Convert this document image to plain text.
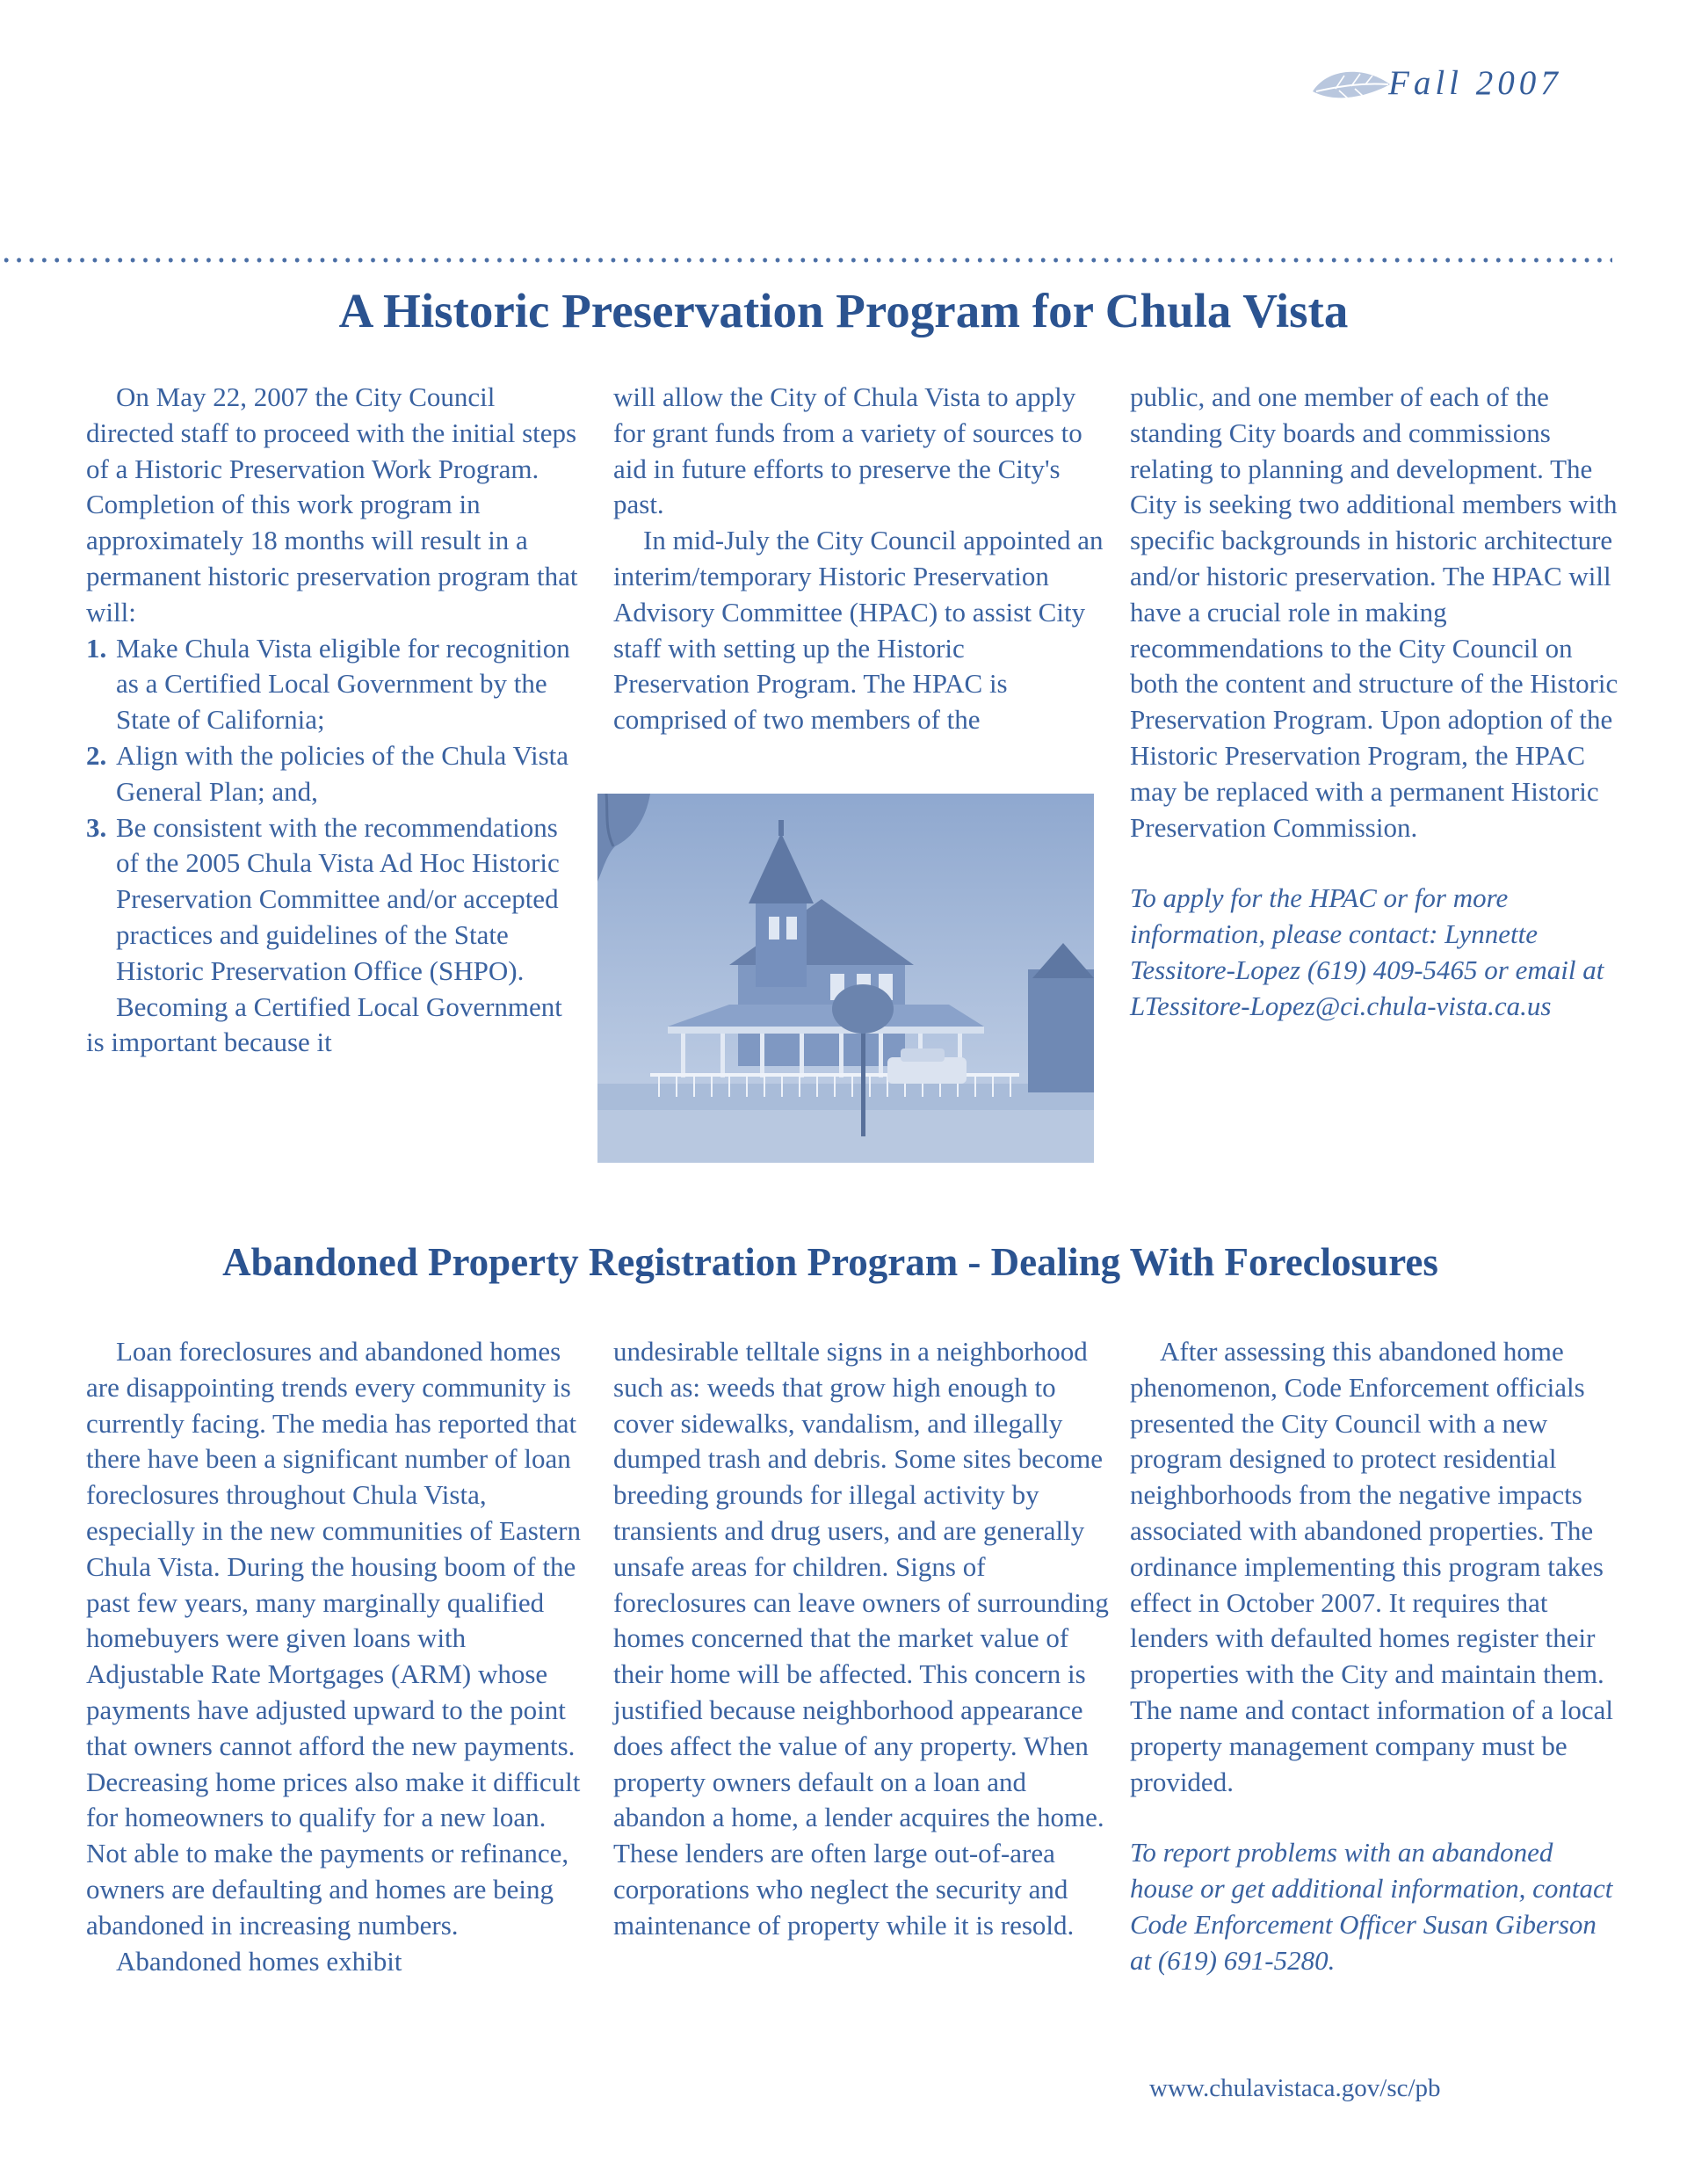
Fall 2007
A Historic Preservation Program for Chula Vista

On May 22, 2007 the City Council directed staff to proceed with the initial steps of a Historic Preservation Work Program. Completion of this work program in approximately 18 months will result in a permanent historic preservation program that will:

1. Make Chula Vista eligible for recognition as a Certified Local Government by the State of California;

2. Align with the policies of the Chula Vista General Plan; and,

3. Be consistent with the recommendations of the 2005 Chula Vista Ad Hoc Historic Preservation Committee and/or accepted practices and guidelines of the State Historic Preservation Office (SHPO).

Becoming a Certified Local Government is important because it

will allow the City of Chula Vista to apply for grant funds from a variety of sources to aid in future efforts to preserve the City's past.

In mid-July the City Council appointed an interim/temporary Historic Preservation Advisory Committee (HPAC) to assist City staff with setting up the Historic Preservation Program. The HPAC is comprised of two members of the

public, and one member of each of the standing City boards and commissions relating to planning and development. The City is seeking two additional members with specific backgrounds in historic architecture and/or historic preservation. The HPAC will have a crucial role in making recommendations to the City Council on both the content and structure of the Historic Preservation Program. Upon adoption of the Historic Preservation Program, the HPAC may be replaced with a permanent Historic Preservation Commission.

To apply for the HPAC or for more information, please contact: Lynnette Tessitore-Lopez (619) 409-5465 or email at LTessitore-Lopez@ci.chula-vista.ca.us

Abandoned Property Registration Program - Dealing With Foreclosures

Loan foreclosures and abandoned homes are disappointing trends every community is currently facing. The media has reported that there have been a significant number of loan foreclosures throughout Chula Vista, especially in the new communities of Eastern Chula Vista. During the housing boom of the past few years, many marginally qualified homebuyers were given loans with Adjustable Rate Mortgages (ARM) whose payments have adjusted upward to the point that owners cannot afford the new payments. Decreasing home prices also make it difficult for homeowners to qualify for a new loan. Not able to make the payments or refinance, owners are defaulting and homes are being abandoned in increasing numbers.

Abandoned homes exhibit

undesirable telltale signs in a neighborhood such as: weeds that grow high enough to cover sidewalks, vandalism, and illegally dumped trash and debris. Some sites become breeding grounds for illegal activity by transients and drug users, and are generally unsafe areas for children. Signs of foreclosures can leave owners of surrounding homes concerned that the market value of their home will be affected. This concern is justified because neighborhood appearance does affect the value of any property. When property owners default on a loan and abandon a home, a lender acquires the home. These lenders are often large out-of-area corporations who neglect the security and maintenance of property while it is resold.

After assessing this abandoned home phenomenon, Code Enforcement officials presented the City Council with a new program designed to protect residential neighborhoods from the negative impacts associated with abandoned properties. The ordinance implementing this program takes effect in October 2007. It requires that lenders with defaulted homes register their properties with the City and maintain them. The name and contact information of a local property management company must be provided.

To report problems with an abandoned house or get additional information, contact Code Enforcement Officer Susan Giberson at (619) 691-5280.

www.chulavistaca.gov/sc/pb
